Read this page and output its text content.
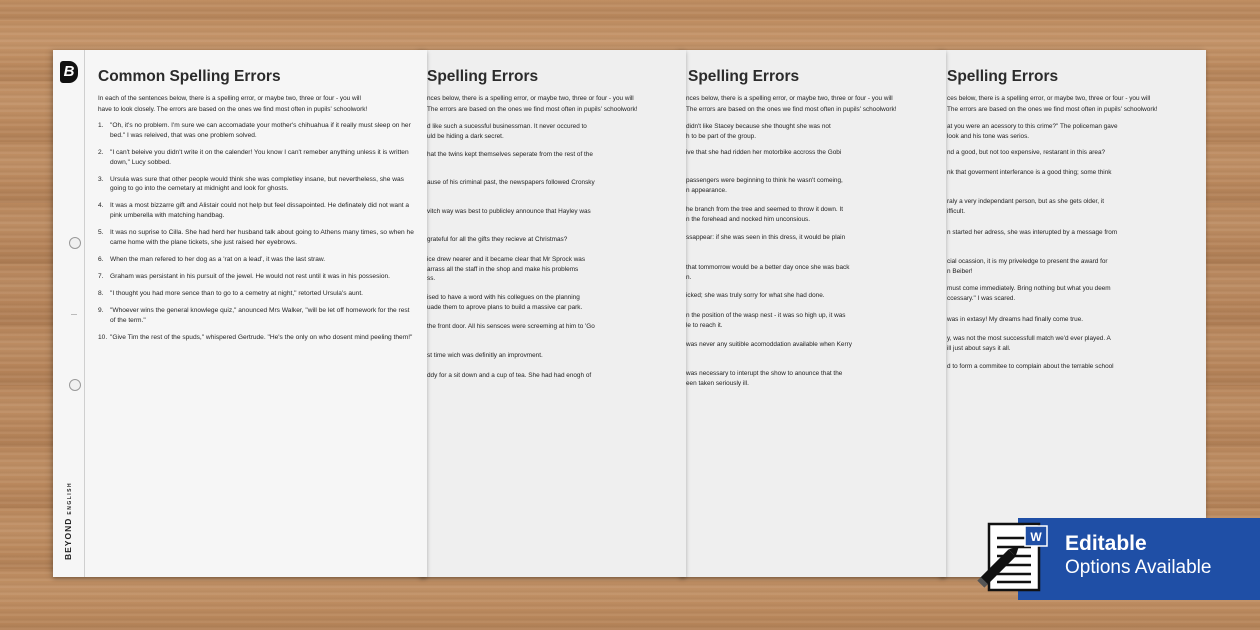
Spelling Errors
ces below, there is a spelling error, or maybe two, three or four - you will
The errors are based on the ones we find most often in pupils' schoolwork!
at you were an acessory to this crime?" The policeman gave
look and his tone was serios.
nd a good, but not too expensive, restarant in this area?
nk that goverment interferance is a good thing; some think
raly a very independant person, but as she gets older, it
ifficult.
n started her adress, she was interupted by a message from
cial ocassion, it is my priveledge to present the award for
n Beiber!
must come immediately. Bring nothing but what you deem
ccessary." I was scared.
was in extasy! My dreams had finally come true.
y, was not the most successfull match we'd ever played. A
ill just about says it all.
d to form a commitee to complain about the terrable school
Spelling Errors
nces below, there is a spelling error, or maybe two, three or four - you will
The errors are based on the ones we find most often in pupils' schoolwork!
didn't like Stacey because she thought she was not
h to be part of the group.
ive that she had ridden her motorbike accross the Gobi
passengers were beginning to think he wasn't comeing,
n appearance.
he branch from the tree and seemed to throw it down. It
n the forehead and nocked him unconsious.
ssappear: if she was seen in this dress, it would be plain
that tommorrow would be a better day once she was back
n.
icked; she was truly sorry for what she had done.
n the position of the wasp nest - it was so high up, it was
le to reach it.
was never any suitible acomoddation available when Kerry
was necessary to interupt the show to anounce that the
een taken seriously ill.
Spelling Errors
nces below, there is a spelling error, or maybe two, three or four - you will
The errors are based on the ones we find most often in pupils' schoolwork!
d like such a sucessful businessman. It never occured to
uld be hiding a dark secret.
hat the twins kept themselves seperate from the rest of the
ause of his criminal past, the newspapers followed Cronsky
vitch way was best to publicley announce that Hayley was
grateful for all the gifts they recieve at Christmas?
ice drew nearer and it became clear that Mr Sprock was
arrass all the staff in the shop and make his problems
ss.
ised to have a word with his collegues on the planning
uade them to aprove plans to build a massive car park.
the front door. All his sensces were screeming at him to 'Go
st time wich was definitly an improvment.
ddy for a sit down and a cup of tea. She had had enogh of
B
BEYONDENGLISH
Common Spelling Errors
In each of the sentences below, there is a spelling error, or maybe two, three or four - you will
have to look closely. The errors are based on the ones we find most often in pupils' schoolwork!
1. "Oh, it's no problem. I'm sure we can accomadate your mother's chihuahua if it really must sleep on her bed." I was releived, that was one problem solved.
2. "I can't beleive you didn't write it on the calender! You know I can't remeber anything unless it is written down," Lucy sobbed.
3. Ursula was sure that other people would think she was completley insane, but nevertheless, she was going to go into the cemetary at midnight and look for ghosts.
4. It was a most bizzarre gift and Alistair could not help but feel dissapointed. He definately did not want a pink umberella with matching handbag.
5. It was no suprise to Cilla. She had herd her husband talk about going to Athens many times, so when he came home with the plane tickets, she just raised her eyebrows.
6. When the man refered to her dog as a 'rat on a lead', it was the last straw.
7. Graham was persistant in his pursuit of the jewel. He would not rest until it was in his possesion.
8. "I thought you had more sence than to go to a cemetry at night," retorted Ursula's aunt.
9. "Whoever wins the general knowlege quiz," anounced Mrs Walker, "will be let off homework for the rest of the term."
10. "Give Tim the rest of the spuds," whispered Gertrude. "He's the only on who dosent mind peeling them!"
Editable
Options Available
W
